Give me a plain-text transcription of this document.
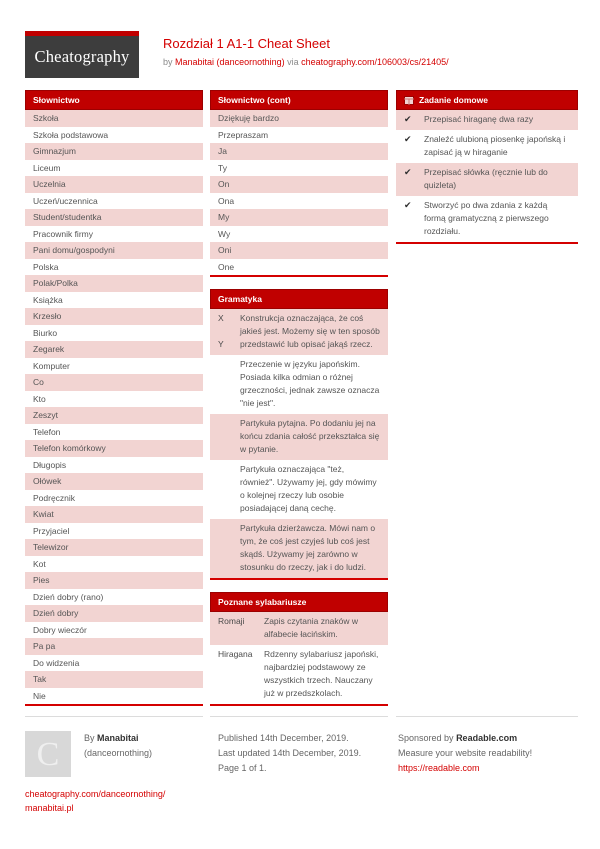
Cheatography
Rozdział 1 A1-1 Cheat Sheet
by Manabitai (danceornothing) via cheatography.com/106003/cs/21405/
Słownictwo
Szkoła
Szkoła podstawowa
Gimnazjum
Liceum
Uczelnia
Uczeń/uczennica
Student/studentka
Pracownik firmy
Pani domu/gospodyni
Polska
Polak/Polka
Książka
Krzesło
Biurko
Zegarek
Komputer
Co
Kto
Zeszyt
Telefon
Telefon komórkowy
Długopis
Ołówek
Podręcznik
Kwiat
Przyjaciel
Telewizor
Kot
Pies
Dzień dobry (rano)
Dzień dobry
Dobry wieczór
Pa pa
Do widzenia
Tak
Nie
Słownictwo (cont)
Dziękuję bardzo
Przepraszam
Ja
Ty
On
Ona
My
Wy
Oni
One
Gramatyka
X
Y
Konstrukcja oznaczająca, że coś jakieś jest. Możemy się w ten sposób przedstawić lub opisać jakąś rzecz.
Przeczenie w języku japońskim. Posiada kilka odmian o różnej grzeczności, jednak zawsze oznacza "nie jest".
Partykuła pytajna. Po dodaniu jej na końcu zdania całość przekształca się w pytanie.
Partykuła oznaczająca "też, również". Używamy jej, gdy mówimy o kolejnej rzeczy lub osobie posiadającej daną cechę.
Partykuła dzierżawcza. Mówi nam o tym, że coś jest czyjeś lub coś jest skądś. Używamy jej zarówno w stosunku do rzeczy, jak i do ludzi.
Poznane sylabariusze
Romaji	Zapis czytania znaków w alfabecie łacińskim.
Hiragana	Rdzenny sylabariusz japoński, najbardziej podstawowy ze wszystkich trzech. Nauczany już w przedszkolach.
Zadanie domowe
✔	Przepisać hiraganę dwa razy
✔	Znaleźć ulubioną piosenkę japońską i zapisać ją w hiraganie
✔	Przepisać słówka (ręcznie lub do quizleta)
✔	Stworzyć po dwa zdania z każdą formą gramatyczną z pierwszego rozdziału.
C	By Manabitai
(danceornothing)
cheatography.com/danceornothing/
manabitai.pl
Published 14th December, 2019.
Last updated 14th December, 2019.
Page 1 of 1.
Sponsored by Readable.com
Measure your website readability!
https://readable.com
